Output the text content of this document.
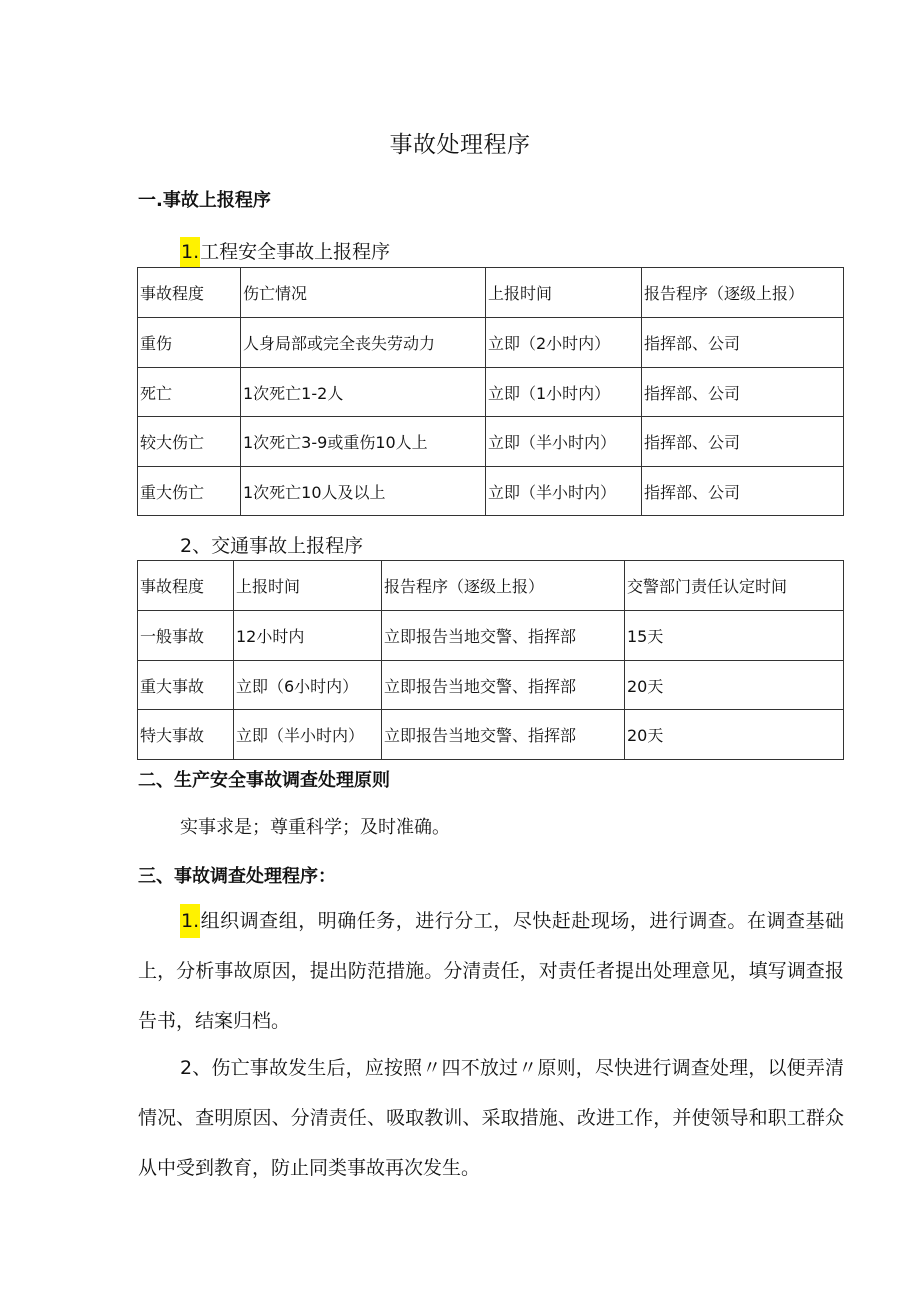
事故处理程序
一.事故上报程序
1.工程安全事故上报程序
事故程度	伤亡情况	上报时间	报告程序（逐级上报）
重伤	人身局部或完全丧失劳动力	立即（2小时内）	指挥部、公司
死亡	1次死亡1-2人	立即（1小时内）	指挥部、公司
较大伤亡	1次死亡3-9或重伤10人上	立即（半小时内）	指挥部、公司
重大伤亡	1次死亡10人及以上	立即（半小时内）	指挥部、公司
2、交通事故上报程序
事故程度	上报时间	报告程序（逐级上报）	交警部门责任认定时间
一般事故	12小时内	立即报告当地交警、指挥部	15天
重大事故	立即（6小时内）	立即报告当地交警、指挥部	20天
特大事故	立即（半小时内）	立即报告当地交警、指挥部	20天
二、生产安全事故调查处理原则
实事求是；尊重科学；及时准确。
三、事故调查处理程序：

1.组织调查组，明确任务，进行分工，尽快赶赴现场，进行调查。在调查基础上，分析事故原因，提出防范措施。分清责任，对责任者提出处理意见，填写调查报告书，结案归档。

2、伤亡事故发生后，应按照〃四不放过〃原则，尽快进行调查处理，以便弄清情况、查明原因、分清责任、吸取教训、采取措施、改进工作，并使领导和职工群众从中受到教育，防止同类事故再次发生。
